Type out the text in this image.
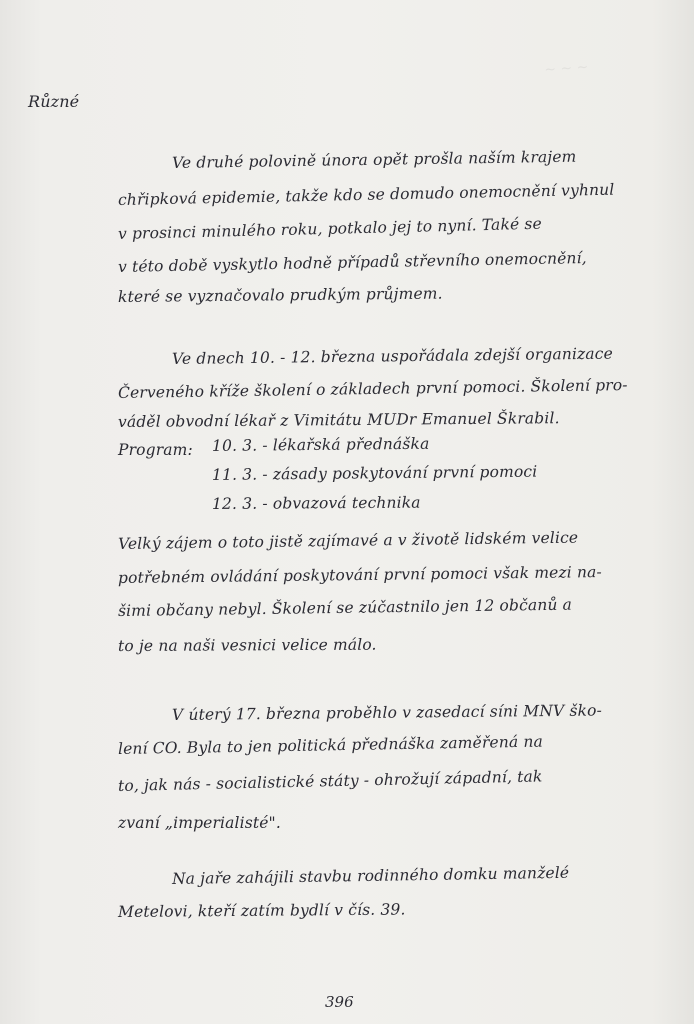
~ ~ ~
Různé
Ve druhé polovině února opět prošla naším krajem
chřipková epidemie, takže kdo se domudo onemocnění vyhnul
v prosinci minulého roku, potkalo jej to nyní. Také se
v této době vyskytlo hodně případů střevního onemocnění,
které se vyznačovalo prudkým průjmem.
Ve dnech 10. - 12. března uspořádala zdejší organizace
Červeného kříže školení o základech první pomoci. Školení pro-
váděl obvodní lékař z Vimitátu MUDr Emanuel Škrabil.
Program: 10. 3. - lékařská přednáška
11. 3. - zásady poskytování první pomoci
12. 3. - obvazová technika
Velký zájem o toto jistě zajímavé a v životě lidském velice
potřebném ovládání poskytování první pomoci však mezi na-
šimi občany nebyl. Školení se zúčastnilo jen 12 občanů a
to je na naši vesnici velice málo.
V úterý 17. března proběhlo v zasedací síni MNV ško-
lení CO. Byla to jen politická přednáška zaměřená na
to, jak nás - socialistické státy - ohrožují západní, tak
zvaní „imperialisté".
Na jaře zahájili stavbu rodinného domku manželé
Metelovi, kteří zatím bydlí v čís. 39.
396
